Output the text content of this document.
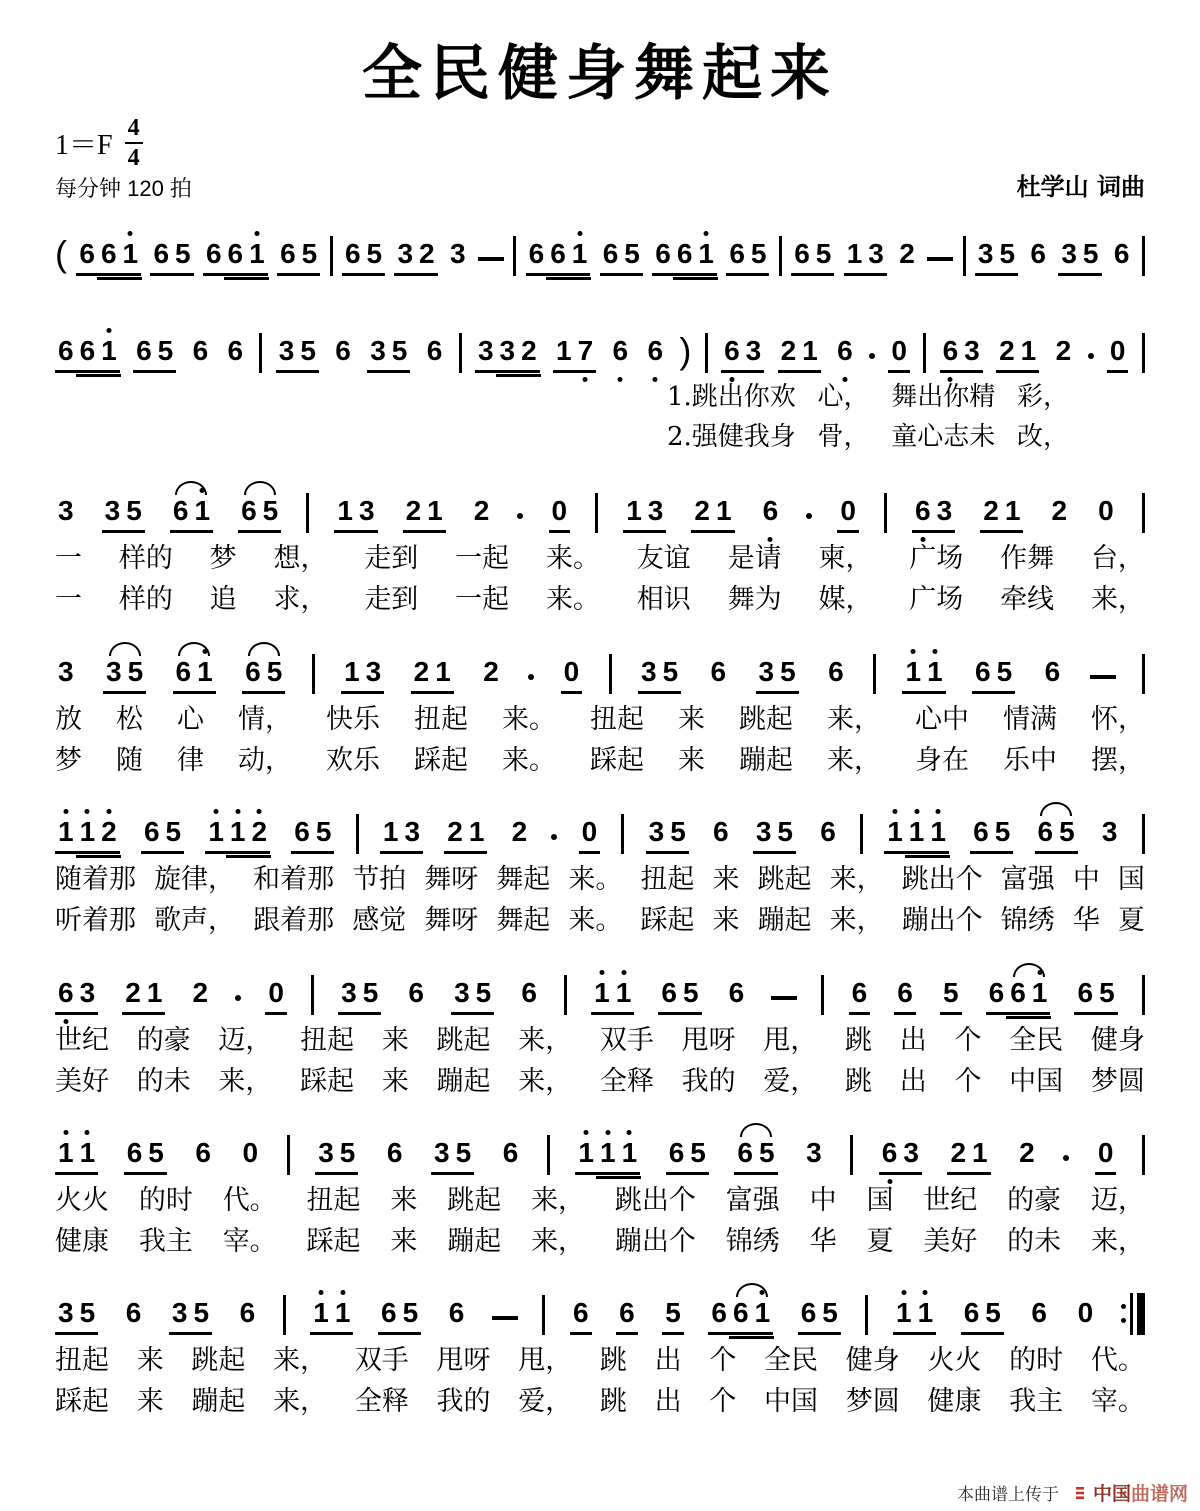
全民健身舞起来
$1=F \frac{4}{4}$
每分钟 120 拍	杜学山 词曲
( 6 6 1 6 5 6 6 1 6 5 6 5 3 2 3 6 6 1 6 5 6 6 1 6 5 6 5 1 3 2 3 5 6 3 5 6
6 6 1 6 5 6 6 3 5 6 3 5 6 3 3 2 1 7 6 6 ) 6 3 2 1 6 0 6 3 2 1 2 0
1.跳出你欢 心， 舞出你精 彩，
2.强健我身 骨， 童心志未 改，
3 3 5 6 1 6 5 1 3 2 1 2 0 1 3 2 1 6 0 6 3 2 1 2 0
一 样的 梦 想， 走到 一起 来。 友谊 是请 柬， 广场 作舞 台，
一 样的 追 求， 走到 一起 来。 相识 舞为 媒， 广场 牵线 来，
3 3 5 6 1 6 5 1 3 2 1 2 0 3 5 6 3 5 6 1 1 6 5 6
放 松 心 情， 快乐 扭起 来。 扭起 来 跳起 来， 心中 情满 怀，
梦 随 律 动， 欢乐 踩起 来。 踩起 来 蹦起 来， 身在 乐中 摆，
1 1 2 6 5 1 1 2 6 5 1 3 2 1 2 0 3 5 6 3 5 6 1 1 1 6 5 6 5 3
随着那 旋律， 和着那 节拍 舞呀 舞起 来。 扭起 来 跳起 来， 跳出个 富强 中 国
听着那 歌声， 跟着那 感觉 舞呀 舞起 来。 踩起 来 蹦起 来， 蹦出个 锦绣 华 夏
6 3 2 1 2 0 3 5 6 3 5 6 1 1 6 5 6	6 6 5 6 6 1 6 5
世纪 的豪 迈， 扭起 来 跳起 来， 双手 甩呀 甩， 跳 出 个 全民 健身
美好 的未 来， 踩起 来 蹦起 来， 全释 我的 爱， 跳 出 个 中国 梦圆
1 1 6 5 6 0 3 5 6 3 5 6 1 1 1 6 5 6 5 3 6 3 2 1 2 0
火火 的时 代。 扭起 来 跳起 来， 跳出个 富强 中 国 世纪 的豪 迈，
健康 我主 宰。 踩起 来 蹦起 来， 蹦出个 锦绣 华 夏 美好 的未 来，
3 5 6 3 5 6 1 1 6 5 6	6 6 5 6 6 1 6 5 1 1 6 5 6 0
扭起 来 跳起 来， 双手 甩呀 甩， 跳 出 个 全民 健身 火火 的时 代。
踩起 来 蹦起 来， 全释 我的 爱， 跳 出 个 中国 梦圆 健康 我主 宰。
本曲谱上传于 中国曲谱网
